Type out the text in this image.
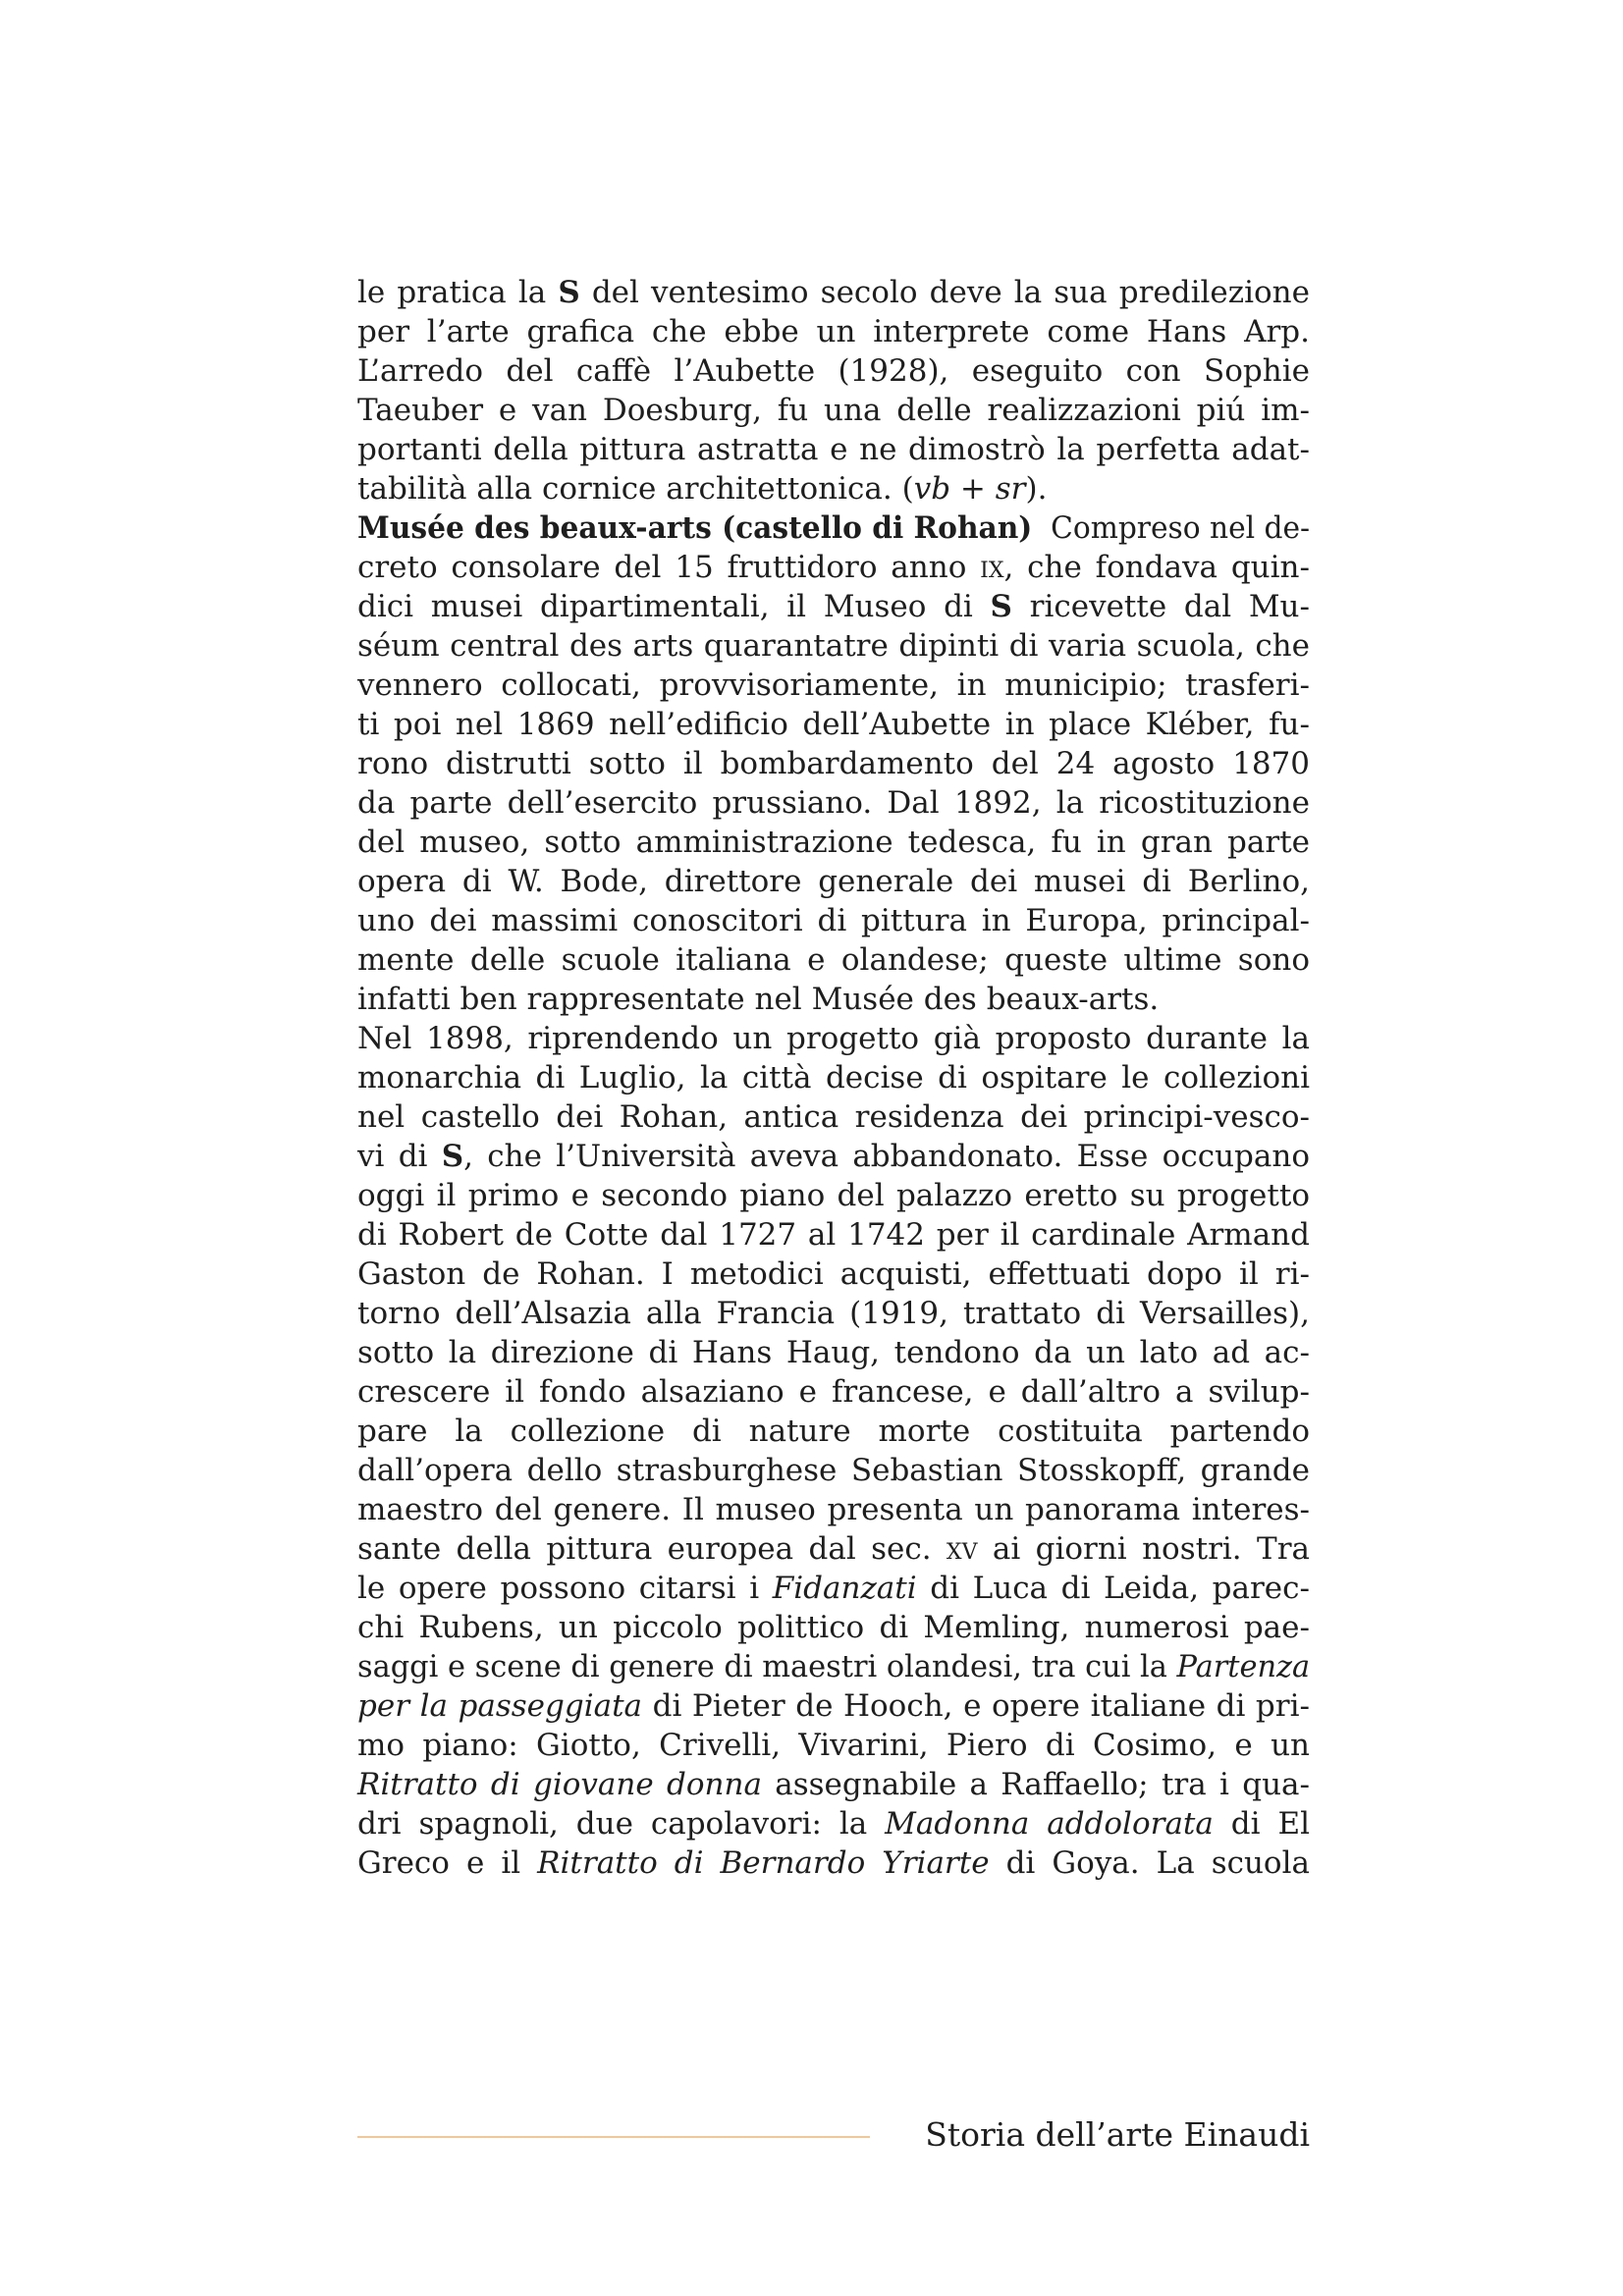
le pratica la S del ventesimo secolo deve la sua predilezione
per l’arte grafica che ebbe un interprete come Hans Arp.
L’arredo del caffè l’Aubette (1928), eseguito con Sophie
Taeuber e van Doesburg, fu una delle realizzazioni piú im-
portanti della pittura astratta e ne dimostrò la perfetta adat-
tabilità alla cornice architettonica. (vb + sr).
Musée des beaux-arts (castello di Rohan)  Compreso nel de-
creto consolare del 15 fruttidoro anno ix, che fondava quin-
dici musei dipartimentali, il Museo di S ricevette dal Mu-
séum central des arts quarantatre dipinti di varia scuola, che
vennero collocati, provvisoriamente, in municipio; trasferi-
ti poi nel 1869 nell’edificio dell’Aubette in place Kléber, fu-
rono distrutti sotto il bombardamento del 24 agosto 1870
da parte dell’esercito prussiano. Dal 1892, la ricostituzione
del museo, sotto amministrazione tedesca, fu in gran parte
opera di W. Bode, direttore generale dei musei di Berlino,
uno dei massimi conoscitori di pittura in Europa, principal-
mente delle scuole italiana e olandese; queste ultime sono
infatti ben rappresentate nel Musée des beaux-arts.
Nel 1898, riprendendo un progetto già proposto durante la
monarchia di Luglio, la città decise di ospitare le collezioni
nel castello dei Rohan, antica residenza dei principi-vesco-
vi di S, che l’Università aveva abbandonato. Esse occupano
oggi il primo e secondo piano del palazzo eretto su progetto
di Robert de Cotte dal 1727 al 1742 per il cardinale Armand
Gaston de Rohan. I metodici acquisti, effettuati dopo il ri-
torno dell’Alsazia alla Francia (1919, trattato di Versailles),
sotto la direzione di Hans Haug, tendono da un lato ad ac-
crescere il fondo alsaziano e francese, e dall’altro a svilup-
pare la collezione di nature morte costituita partendo
dall’opera dello strasburghese Sebastian Stosskopff, grande
maestro del genere. Il museo presenta un panorama interes-
sante della pittura europea dal sec. xv ai giorni nostri. Tra
le opere possono citarsi i Fidanzati di Luca di Leida, parec-
chi Rubens, un piccolo polittico di Memling, numerosi pae-
saggi e scene di genere di maestri olandesi, tra cui la Partenza
per la passeggiata di Pieter de Hooch, e opere italiane di pri-
mo piano: Giotto, Crivelli, Vivarini, Piero di Cosimo, e un
Ritratto di giovane donna assegnabile a Raffaello; tra i qua-
dri spagnoli, due capolavori: la Madonna addolorata di El
Greco e il Ritratto di Bernardo Yriarte di Goya. La scuola
Storia dell’arte Einaudi
